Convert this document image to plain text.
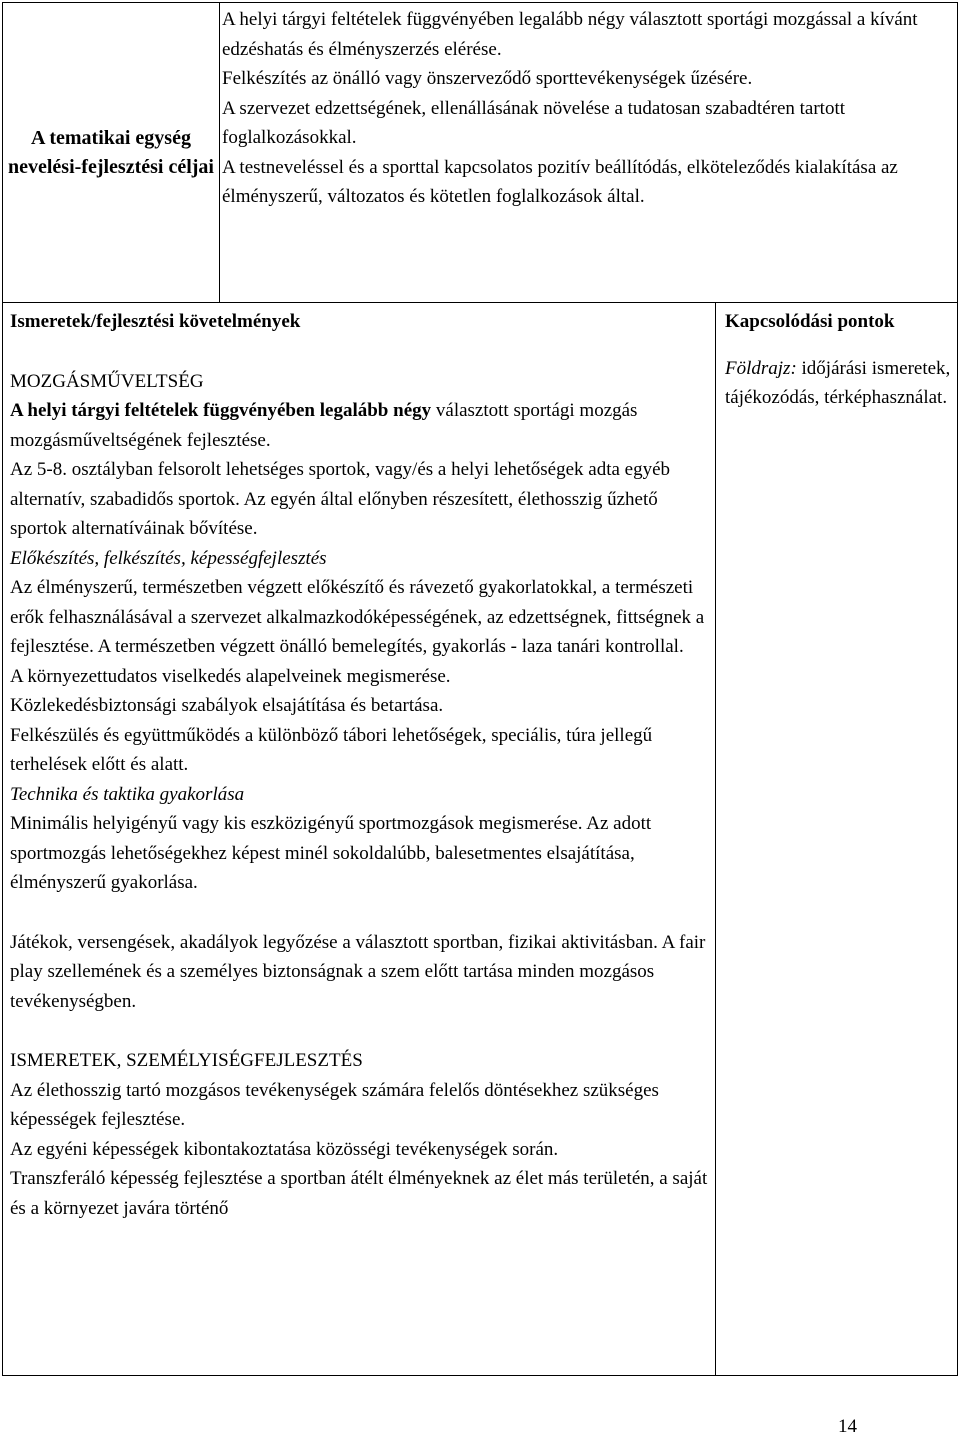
A tematikai egység nevelési-fejlesztési céljai

A helyi tárgyi feltételek függvényében legalább négy választott sportági mozgással a kívánt edzéshatás és élményszerzés elérése.

Felkészítés az önálló vagy önszerveződő sporttevékenységek űzésére.

A szervezet edzettségének, ellenállásának növelése a tudatosan szabadtéren tartott foglalkozásokkal.

A testneveléssel és a sporttal kapcsolatos pozitív beállítódás, elköteleződés kialakítása az élményszerű, változatos és kötetlen foglalkozások által.

Ismeretek/fejlesztési követelmények

MOZGÁSMŰVELTSÉG

A helyi tárgyi feltételek függvényében legalább négy választott sportági mozgás mozgásműveltségének fejlesztése.

Az 5-8. osztályban felsorolt lehetséges sportok, vagy/és a helyi lehetőségek adta egyéb alternatív, szabadidős sportok. Az egyén által előnyben részesített, élethosszig űzhető sportok alternatíváinak bővítése.

Előkészítés, felkészítés, képességfejlesztés

Az élményszerű, természetben végzett előkészítő és rávezető gyakorlatokkal, a természeti erők felhasználásával a szervezet alkalmazkodóképességének, az edzettségnek, fittségnek a fejlesztése. A természetben végzett önálló bemelegítés, gyakorlás - laza tanári kontrollal.

A környezettudatos viselkedés alapelveinek megismerése.

Közlekedésbiztonsági szabályok elsajátítása és betartása.

Felkészülés és együttműködés a különböző tábori lehetőségek, speciális, túra jellegű terhelések előtt és alatt.

Technika és taktika gyakorlása

Minimális helyigényű vagy kis eszközigényű sportmozgások megismerése. Az adott sportmozgás lehetőségekhez képest minél sokoldalúbb, balesetmentes elsajátítása, élményszerű gyakorlása.

Játékok, versengések, akadályok legyőzése a választott sportban, fizikai aktivitásban. A fair play szellemének és a személyes biztonságnak a szem előtt tartása minden mozgásos tevékenységben.

ISMERETEK, SZEMÉLYISÉGFEJLESZTÉS

Az élethosszig tartó mozgásos tevékenységek számára felelős döntésekhez szükséges képességek fejlesztése.

Az egyéni képességek kibontakoztatása közösségi tevékenységek során.

Transzferáló képesség fejlesztése a sportban átélt élményeknek az élet más területén, a saját és a környezet javára történő

Kapcsolódási pontok

Földrajz: időjárási ismeretek, tájékozódás, térképhasználat.

14
